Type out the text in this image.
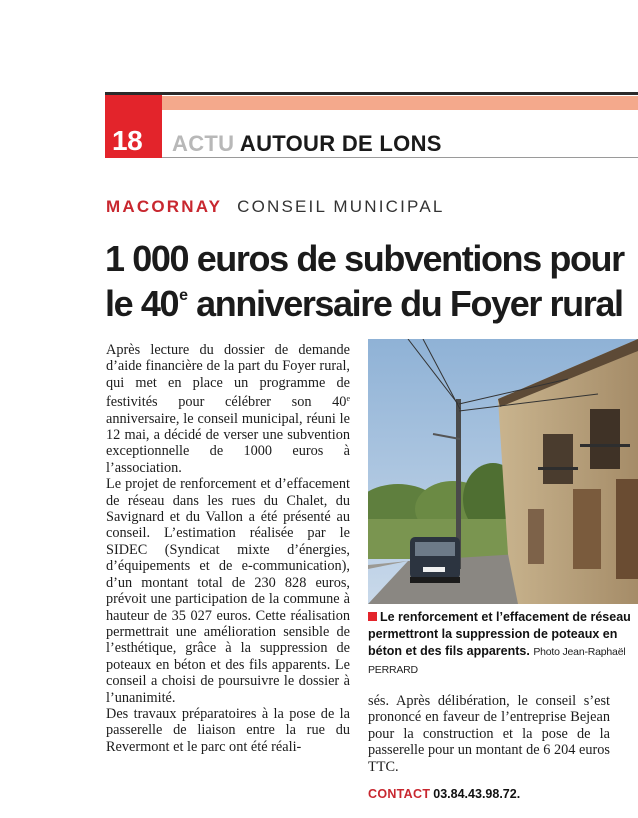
18 ACTU AUTOUR DE LONS
MACORNAY CONSEIL MUNICIPAL
1 000 euros de subventions pour
le 40e anniversaire du Foyer rural

Après lecture du dossier de demande d’aide financière de la part du Foyer rural, qui met en place un programme de festivités pour célébrer son 40e anniversaire, le conseil municipal, réuni le 12 mai, a décidé de verser une subvention exceptionnelle de 1000 euros à l’association.

Le projet de renforcement et d’effacement de réseau dans les rues du Chalet, du Savignard et du Vallon a été présenté au conseil. L’estimation réalisée par le SIDEC (Syndicat mixte d’énergies, d’équipements et de e-communication), d’un montant total de 230 828 euros, prévoit une participation de la commune à hauteur de 35 027 euros. Cette réalisation permettrait une amélioration sensible de l’esthétique, grâce à la suppression de poteaux en béton et des fils apparents. Le conseil a choisi de poursuivre le dossier à l’unanimité.

Des travaux préparatoires à la pose de la passerelle de liaison entre la rue du Revermont et le parc ont été réali-

Le renforcement et l’effacement de réseau permettront la suppression de poteaux en béton et des fils apparents. Photo Jean-Raphaël PERRARD

sés. Après délibération, le conseil s’est prononcé en faveur de l’entreprise Bejean pour la construction et la pose de la passerelle pour un montant de 6 204 euros TTC.

CONTACT 03.84.43.98.72.
